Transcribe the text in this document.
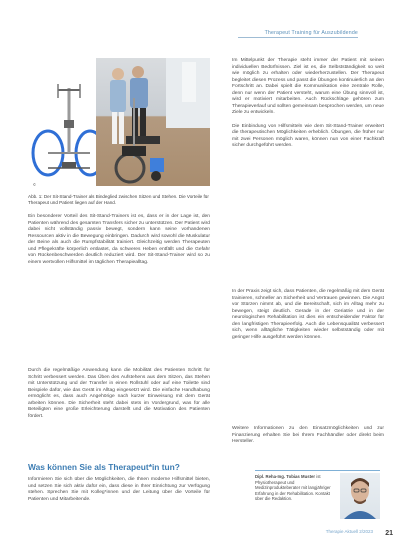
Therapeut Training für Auszubildende
©
Abb. 1: Der Sit-Stand-Trainer als Bindeglied zwischen Sitzen und Stehen. Die Vorteile für Therapeut und Patient liegen auf der Hand.

Ein besonderer Vorteil des Sit-Stand-Trainers ist es, dass er in der Lage ist, den Patienten während des gesamten Transfers sicher zu unterstützen. Der Patient wird dabei nicht vollständig passiv bewegt, sondern kann seine vorhandenen Ressourcen aktiv in die Bewegung einbringen. Dadurch wird sowohl die Muskulatur der Beine als auch die Rumpfstabilität trainiert. Gleichzeitig werden Therapeuten und Pflegekräfte körperlich entlastet, da schweres Heben entfällt und die Gefahr von Rückenbeschwerden deutlich reduziert wird. Der Sit-Stand-Trainer wird so zu einem wertvollen Hilfsmittel im täglichen Therapiealltag.

Durch die regelmäßige Anwendung kann die Mobilität des Patienten Schritt für Schritt verbessert werden. Das Üben des Aufstehens aus dem Sitzen, das Stehen mit Unterstützung und der Transfer in einen Rollstuhl oder auf eine Toilette sind Beispiele dafür, wie das Gerät im Alltag eingesetzt wird. Die einfache Handhabung ermöglicht es, dass auch Angehörige nach kurzer Einweisung mit dem Gerät arbeiten können. Die Sicherheit steht dabei stets im Vordergrund, was für alle Beteiligten eine große Erleichterung darstellt und die Motivation des Patienten fördert.

Was können Sie als Therapeut*in tun?

Informieren Sie sich über die Möglichkeiten, die Ihnen moderne Hilfsmittel bieten, und setzen Sie sich aktiv dafür ein, dass diese in Ihrer Einrichtung zur Verfügung stehen. Sprechen Sie mit Kolleg*innen und der Leitung über die Vorteile für Patienten und Mitarbeitende.

Im Mittelpunkt der Therapie steht immer der Patient mit seinen individuellen Bedürfnissen. Ziel ist es, die Selbstständigkeit so weit wie möglich zu erhalten oder wiederherzustellen. Der Therapeut begleitet diesen Prozess und passt die Übungen kontinuierlich an den Fortschritt an. Dabei spielt die Kommunikation eine zentrale Rolle, denn nur wenn der Patient versteht, warum eine Übung sinnvoll ist, wird er motiviert mitarbeiten. Auch Rückschläge gehören zum Therapieverlauf und sollten gemeinsam besprochen werden, um neue Ziele zu entwickeln.

Die Einbindung von Hilfsmitteln wie dem Sit-Stand-Trainer erweitert die therapeutischen Möglichkeiten erheblich. Übungen, die früher nur mit zwei Personen möglich waren, können nun von einer Fachkraft sicher durchgeführt werden.

In der Praxis zeigt sich, dass Patienten, die regelmäßig mit dem Gerät trainieren, schneller an Sicherheit und Vertrauen gewinnen. Die Angst vor Stürzen nimmt ab, und die Bereitschaft, sich im Alltag mehr zu bewegen, steigt deutlich. Gerade in der Geriatrie und in der neurologischen Rehabilitation ist dies ein entscheidender Faktor für den langfristigen Therapieerfolg. Auch die Lebensqualität verbessert sich, wenn alltägliche Tätigkeiten wieder selbstständig oder mit geringer Hilfe ausgeführt werden können.

Weitere Informationen zu den Einsatzmöglichkeiten und zur Finanzierung erhalten Sie bei Ihrem Fachhändler oder direkt beim Hersteller.

Dipl. Reha-Ing. Tobias Muster ist Physiotherapeut und Medizinprodukteberater mit langjähriger Erfahrung in der Rehabilitation. Kontakt über die Redaktion.
Therapie Aktuell 2/2023 21
